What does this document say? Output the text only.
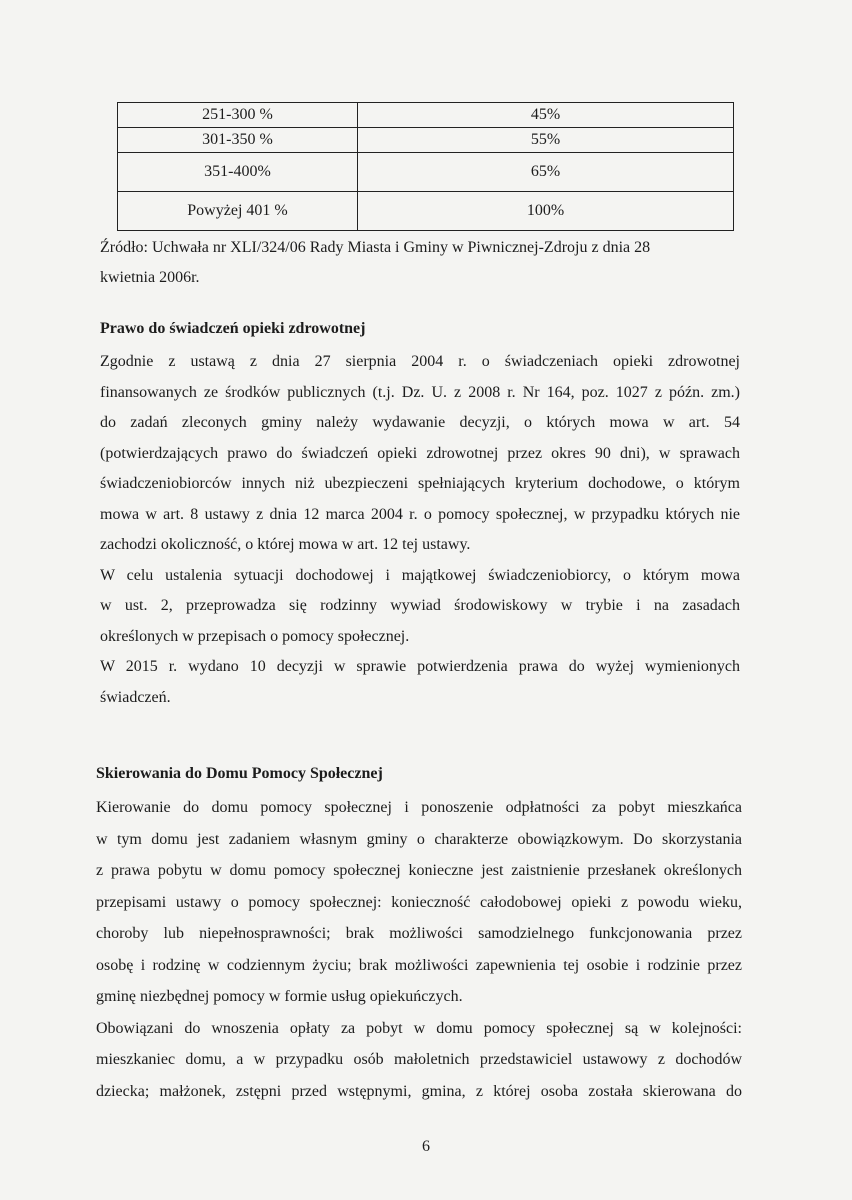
251-300 %	45%
301-350 %	55%
351-400%	65%
Powyżej 401 %	100%
Źródło: Uchwała nr XLI/324/06 Rady Miasta i Gminy w Piwnicznej-Zdroju z dnia 28
kwietnia 2006r.
Prawo do świadczeń opieki zdrowotnej
Zgodnie z ustawą z dnia 27 sierpnia 2004 r. o świadczeniach opieki zdrowotnej
finansowanych ze środków publicznych (t.j. Dz. U. z 2008 r. Nr 164, poz. 1027 z późn. zm.)
do zadań zleconych gminy należy wydawanie decyzji, o których mowa w art. 54
(potwierdzających prawo do świadczeń opieki zdrowotnej przez okres 90 dni), w sprawach
świadczeniobiorców innych niż ubezpieczeni spełniających kryterium dochodowe, o którym
mowa w art. 8 ustawy z dnia 12 marca 2004 r. o pomocy społecznej, w przypadku których nie
zachodzi okoliczność, o której mowa w art. 12 tej ustawy.
W celu ustalenia sytuacji dochodowej i majątkowej świadczeniobiorcy, o którym mowa
w ust. 2, przeprowadza się rodzinny wywiad środowiskowy w trybie i na zasadach
określonych w przepisach o pomocy społecznej.
W 2015 r. wydano 10 decyzji w sprawie potwierdzenia prawa do wyżej wymienionych
świadczeń.
Skierowania do Domu Pomocy Społecznej
Kierowanie do domu pomocy społecznej i ponoszenie odpłatności za pobyt mieszkańca
w tym domu jest zadaniem własnym gminy o charakterze obowiązkowym. Do skorzystania
z prawa pobytu w domu pomocy społecznej konieczne jest zaistnienie przesłanek określonych
przepisami ustawy o pomocy społecznej: konieczność całodobowej opieki z powodu wieku,
choroby lub niepełnosprawności; brak możliwości samodzielnego funkcjonowania przez
osobę i rodzinę w codziennym życiu; brak możliwości zapewnienia tej osobie i rodzinie przez
gminę niezbędnej pomocy w formie usług opiekuńczych.
Obowiązani do wnoszenia opłaty za pobyt w domu pomocy społecznej są w kolejności:
mieszkaniec domu, a w przypadku osób małoletnich przedstawiciel ustawowy z dochodów
dziecka; małżonek, zstępni przed wstępnymi, gmina, z której osoba została skierowana do
6
